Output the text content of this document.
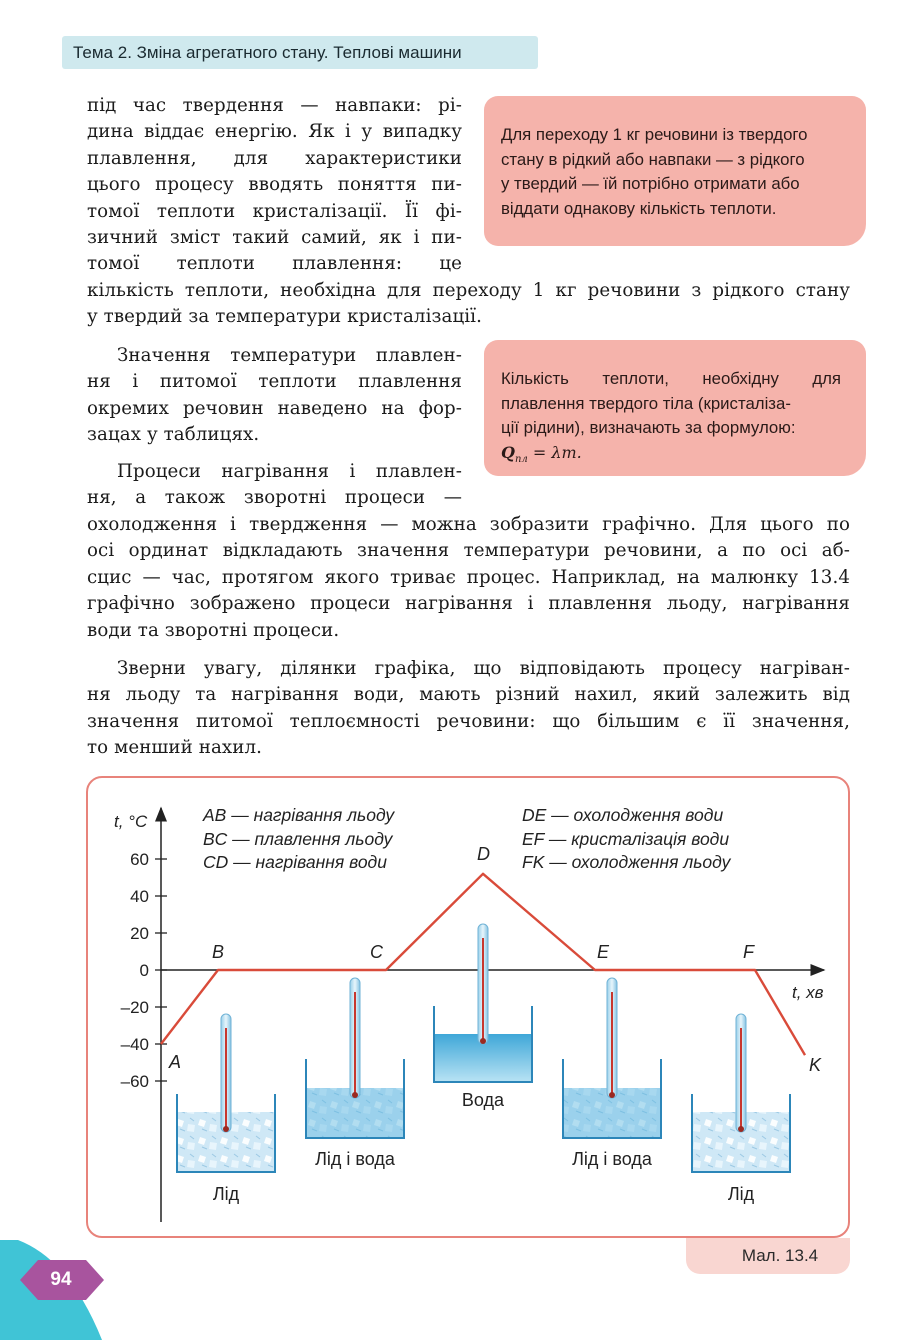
Тема 2. Зміна агрегатного стану. Теплові машини
під час твердення — навпаки: рі-
дина віддає енергію. Як і у випадку
плавлення, для характеристики
цього процесу вводять поняття пи-
томої теплоти кристалізації. Її фі-
зичний зміст такий самий, як і пи-
томої теплоти плавлення: це
кількість теплоти, необхідна для переходу 1 кг речовини з рідкого стану
у твердий за температури кристалізації.
Для переходу 1 кг речовини із твердого
стану в рідкий або навпаки — з рідкого
у твердий — їй потрібно отримати або
віддати однакову кількість теплоти.
Значення температури плавлен-
ня і питомої теплоти плавлення
окремих речовин наведено на фор-
зацах у таблицях.
Кількість теплоти, необхідну для
плавлення твердого тіла (кристаліза-
ції рідини), визначають за формулою:
$Q_{пл} = \lambda m$.
Процеси нагрівання і плавлен-
ня, а також зворотні процеси —
охолодження і твердження — можна зобразити графічно. Для цього по
осі ординат відкладають значення температури речовини, а по осі аб-
сцис — час, протягом якого триває процес. Наприклад, на малюнку 13.4
графічно зображено процеси нагрівання і плавлення льоду, нагрівання
води та зворотні процеси.
Зверни увагу, ділянки графіка, що відповідають процесу нагріван-
ня льоду та нагрівання води, мають різний нахил, який залежить від
значення питомої теплоємності речовини: що більшим є її значення,
то менший нахил.
t, °С
t, хв
60
40
20
0
–20
–40
–60
A
B	C
D
E	F
K
AB — нагрівання льоду
BC — плавлення льоду
CD — нагрівання води
DE — охолодження води
EF — кристалізація води
FK — охолодження льоду
Лід
Лід і вода
Вода
Лід і вода
Лід
Мал. 13.4
94
